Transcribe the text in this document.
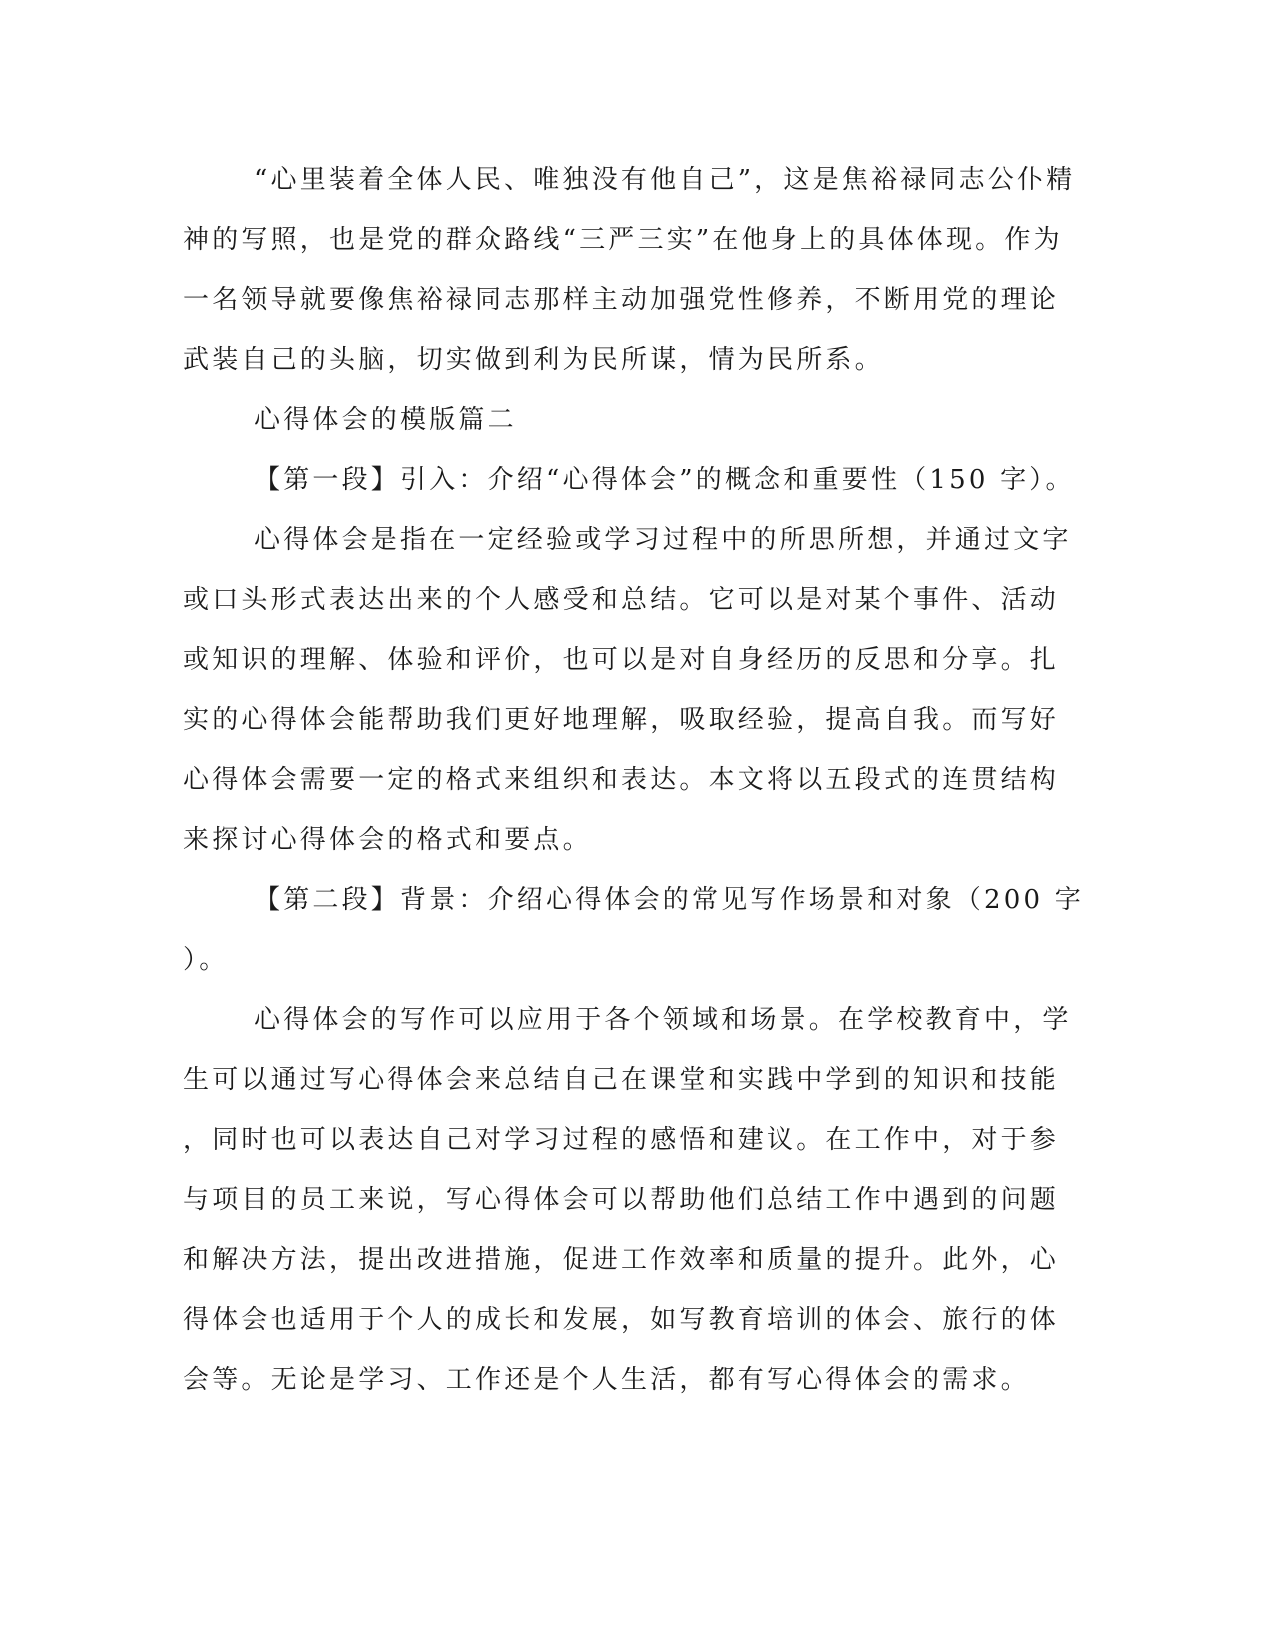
“心里装着全体人民、唯独没有他自己”，这是焦裕禄同志公仆精
神的写照，也是党的群众路线“三严三实”在他身上的具体体现。作为
一名领导就要像焦裕禄同志那样主动加强党性修养，不断用党的理论
武装自己的头脑，切实做到利为民所谋，情为民所系。

心得体会的模版篇二

【第一段】引入：介绍“心得体会”的概念和重要性（150 字）。

心得体会是指在一定经验或学习过程中的所思所想，并通过文字
或口头形式表达出来的个人感受和总结。它可以是对某个事件、活动
或知识的理解、体验和评价，也可以是对自身经历的反思和分享。扎
实的心得体会能帮助我们更好地理解，吸取经验，提高自我。而写好
心得体会需要一定的格式来组织和表达。本文将以五段式的连贯结构
来探讨心得体会的格式和要点。

【第二段】背景：介绍心得体会的常见写作场景和对象（200 字
）。

心得体会的写作可以应用于各个领域和场景。在学校教育中，学
生可以通过写心得体会来总结自己在课堂和实践中学到的知识和技能
，同时也可以表达自己对学习过程的感悟和建议。在工作中，对于参
与项目的员工来说，写心得体会可以帮助他们总结工作中遇到的问题
和解决方法，提出改进措施，促进工作效率和质量的提升。此外，心
得体会也适用于个人的成长和发展，如写教育培训的体会、旅行的体
会等。无论是学习、工作还是个人生活，都有写心得体会的需求。
